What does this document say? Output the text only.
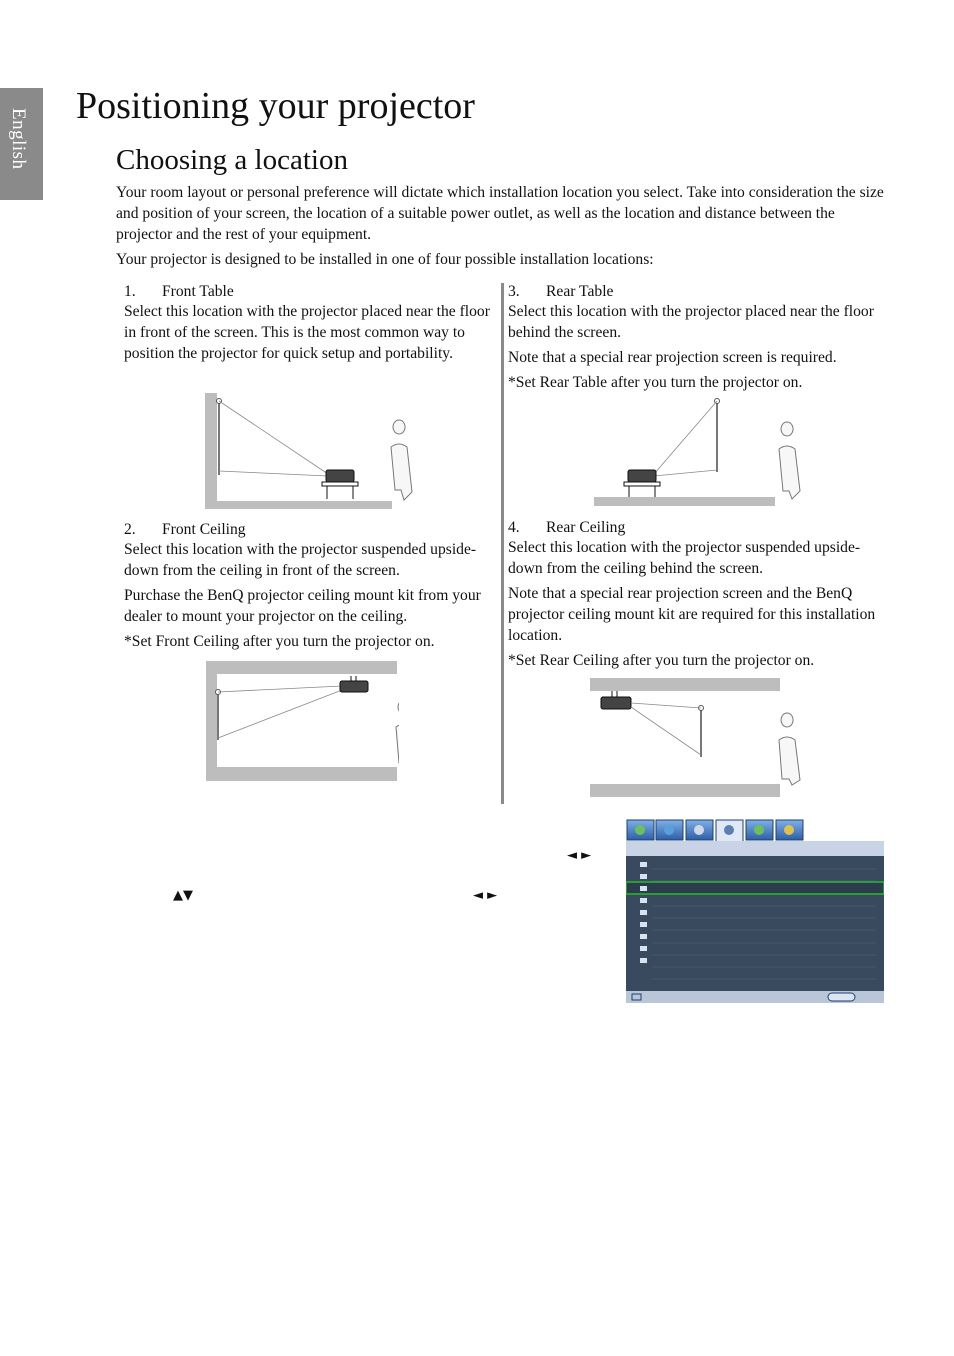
English
Positioning your projector
Choosing a location

Your room layout or personal preference will dictate which installation location you select. Take into consideration the size and position of your screen, the location of a suitable power outlet, as well as the location and distance between the projector and the rest of your equipment.

Your projector is designed to be installed in one of four possible installation locations:

1. Front Table

Select this location with the projector placed near the floor in front of the screen. This is the most common way to position the projector for quick setup and portability.

2. Front Ceiling

Select this location with the projector suspended upside-down from the ceiling in front of the screen.

Purchase the BenQ projector ceiling mount kit from your dealer to mount your projector on the ceiling.

*Set Front Ceiling after you turn the projector on.

3. Rear Table

Select this location with the projector placed near the floor behind the screen.

Note that a special rear projection screen is required.

*Set Rear Table after you turn the projector on.

4. Rear Ceiling

Select this location with the projector suspended upside-down from the ceiling behind the screen.

Note that a special rear projection screen and the BenQ projector ceiling mount kit are required for this installation location.

*Set Rear Ceiling after you turn the projector on.

◄ ►
▲▼	◄ ►
